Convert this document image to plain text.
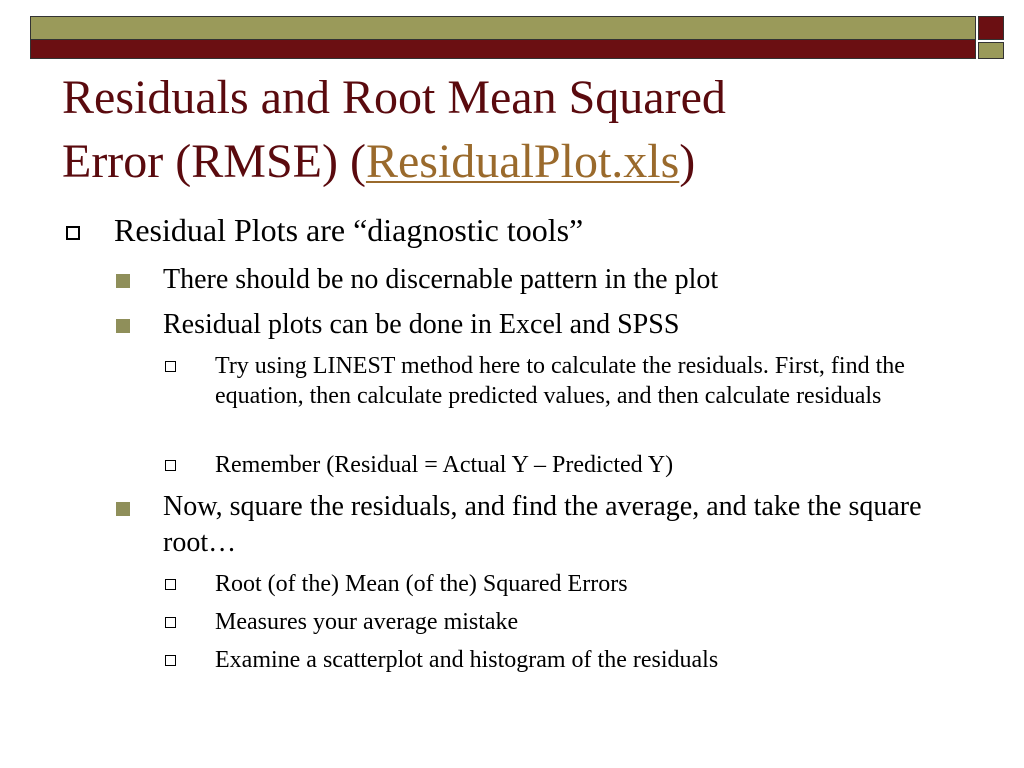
Residuals and Root Mean Squared
Error (RMSE) (ResidualPlot.xls)
Residual Plots are “diagnostic tools”
There should be no discernable pattern in the plot
Residual plots can be done in Excel and SPSS
Try using LINEST method here to calculate the residuals. First, find the equation, then calculate predicted values, and then calculate residuals
Remember (Residual = Actual Y – Predicted Y)
Now, square the residuals, and find the average, and take the square root…
Root (of the) Mean (of the) Squared Errors
Measures your average mistake
Examine a scatterplot and histogram of the residuals
